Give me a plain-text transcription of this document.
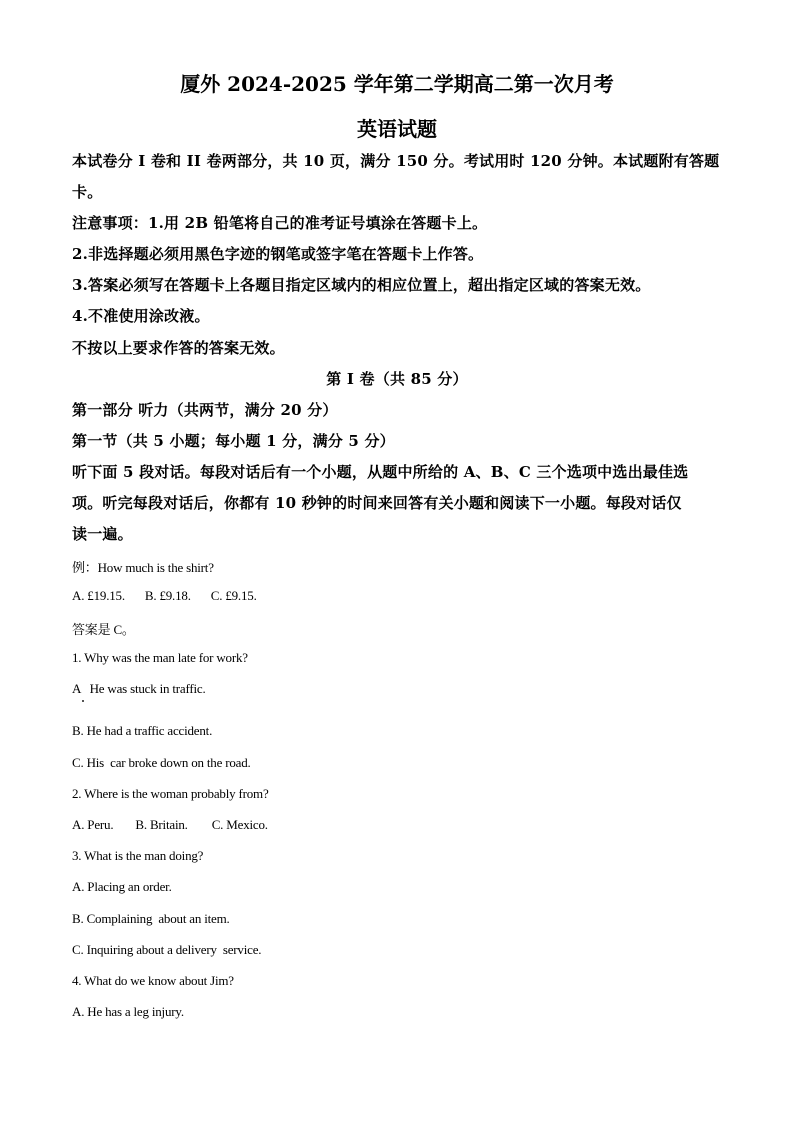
厦外 2024-2025 学年第二学期高二第一次月考
英语试题
本试卷分 I 卷和 II 卷两部分，共 10 页，满分 150 分。考试用时 120 分钟。本试题附有答题
卡。
注意事项：1.用 2B 铅笔将自己的准考证号填涂在答题卡上。
2.非选择题必须用黑色字迹的钢笔或签字笔在答题卡上作答。
3.答案必须写在答题卡上各题目指定区域内的相应位置上，超出指定区域的答案无效。
4.不准使用涂改液。
不按以上要求作答的答案无效。
第 I 卷（共 85 分）
第一部分 听力（共两节，满分 20 分）
第一节（共 5 小题；每小题 1 分，满分 5 分）
听下面 5 段对话。每段对话后有一个小题，从题中所给的 A、B、C 三个选项中选出最佳选
项。听完每段对话后，你都有 10 秒钟的时间来回答有关小题和阅读下一小题。每段对话仅
读一遍。
例：How much is the shirt?
A. £19.15. B. £9.18. C. £9.15.
答案是 C。
1. Why was the man late for work?
A   He was stuck in traffic.
B. He had a traffic accident.
C. His  car broke down on the road.
2. Where is the woman probably from?
A. Peru. B. Britain. C. Mexico.
3. What is the man doing?
A. Placing an order.
B. Complaining  about an item.
C. Inquiring about a delivery  service.
4. What do we know about Jim?
A. He has a leg injury.
